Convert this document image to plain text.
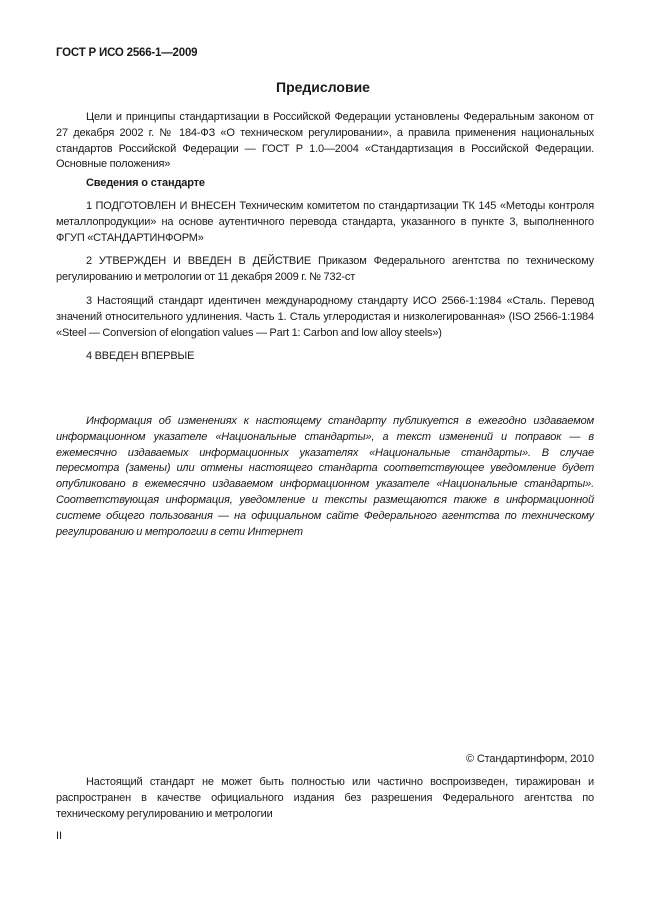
ГОСТ Р ИСО 2566-1—2009
Предисловие
Цели и принципы стандартизации в Российской Федерации установлены Федеральным законом от 27 декабря 2002 г. № 184-ФЗ «О техническом регулировании», а правила применения национальных стандартов Российской Федерации — ГОСТ Р 1.0—2004 «Стандартизация в Российской Федерации. Основные положения»
Сведения о стандарте
1 ПОДГОТОВЛЕН И ВНЕСЕН Техническим комитетом по стандартизации ТК 145 «Методы контроля металлопродукции» на основе аутентичного перевода стандарта, указанного в пункте 3, выполненного ФГУП «СТАНДАРТИНФОРМ»
2 УТВЕРЖДЕН И ВВЕДЕН В ДЕЙСТВИЕ Приказом Федерального агентства по техническому регулированию и метрологии от 11 декабря 2009 г. № 732-ст
3 Настоящий стандарт идентичен международному стандарту ИСО 2566-1:1984 «Сталь. Перевод значений относительного удлинения. Часть 1. Сталь углеродистая и низколегированная» (ISO 2566-1:1984 «Steel — Conversion of elongation values — Part 1: Carbon and low alloy steels»)
4 ВВЕДЕН ВПЕРВЫЕ
Информация об изменениях к настоящему стандарту публикуется в ежегодно издаваемом информационном указателе «Национальные стандарты», а текст изменений и поправок — в ежемесячно издаваемых информационных указателях «Национальные стандарты». В случае пересмотра (замены) или отмены настоящего стандарта соответствующее уведомление будет опубликовано в ежемесячно издаваемом информационном указателе «Национальные стандарты». Соответствующая информация, уведомление и тексты размещаются также в информационной системе общего пользования — на официальном сайте Федерального агентства по техническому регулированию и метрологии в сети Интернет
© Стандартинформ, 2010
Настоящий стандарт не может быть полностью или частично воспроизведен, тиражирован и распространен в качестве официального издания без разрешения Федерального агентства по техническому регулированию и метрологии
II
